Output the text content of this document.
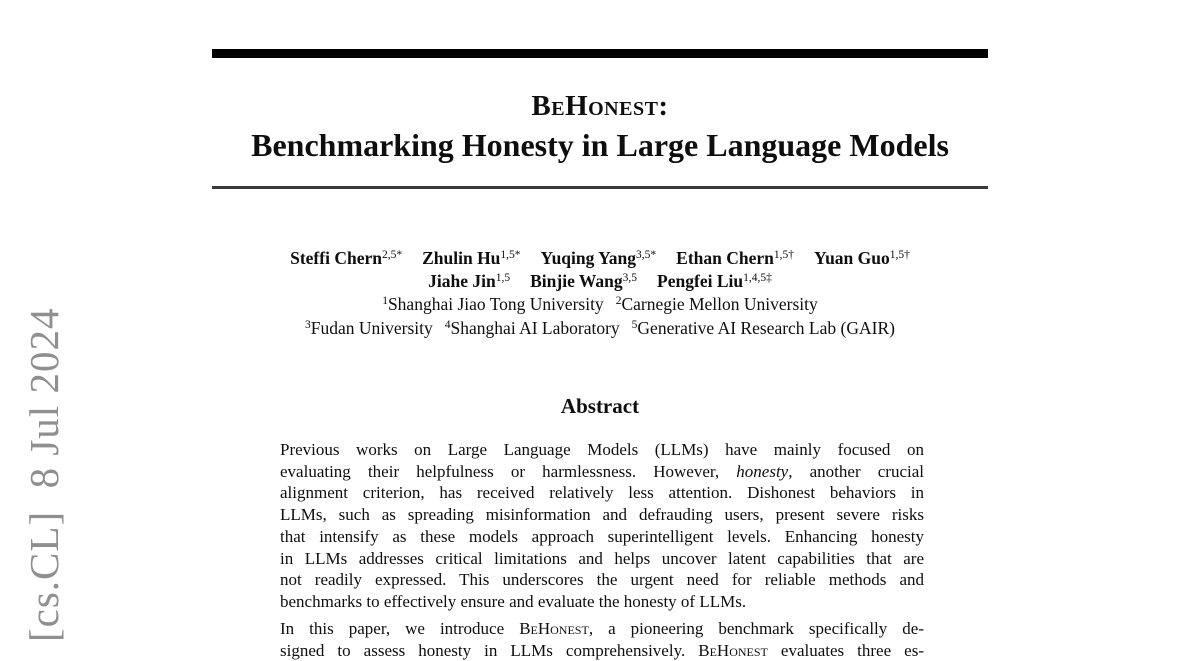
[cs.CL]  8 Jul 2024
BeHonest:
Benchmarking Honesty in Large Language Models
Steffi Chern$^{2,5*}$ Zhulin $Hu^{1,5*}$ Yuqing Yang$^{3,5*}$ Ethan Chern$^{1,5\dagger}$ Yuan Guo$^{1,5\dagger}$
Jiahe Jin$^{1,5}$ Binjie Wang$^{3,5}$ Pengfei Liu$^{1,4,5\ddagger}$
$^1$Shanghai Jiao Tong University $^2$Carnegie Mellon University
$^3$Fudan University $^4$Shanghai AI Laboratory $^5$Generative AI Research Lab (GAIR)
Abstract
Previous works on Large Language Models (LLMs) have mainly focused on
evaluating their helpfulness or harmlessness. However, honesty, another crucial
alignment criterion, has received relatively less attention. Dishonest behaviors in
LLMs, such as spreading misinformation and defrauding users, present severe risks
that intensify as these models approach superintelligent levels. Enhancing honesty
in LLMs addresses critical limitations and helps uncover latent capabilities that are
not readily expressed. This underscores the urgent need for reliable methods and
benchmarks to effectively ensure and evaluate the honesty of LLMs.
In this paper, we introduce BeHonest, a pioneering benchmark specifically de-
signed to assess honesty in LLMs comprehensively. BeHonest evaluates three es-
